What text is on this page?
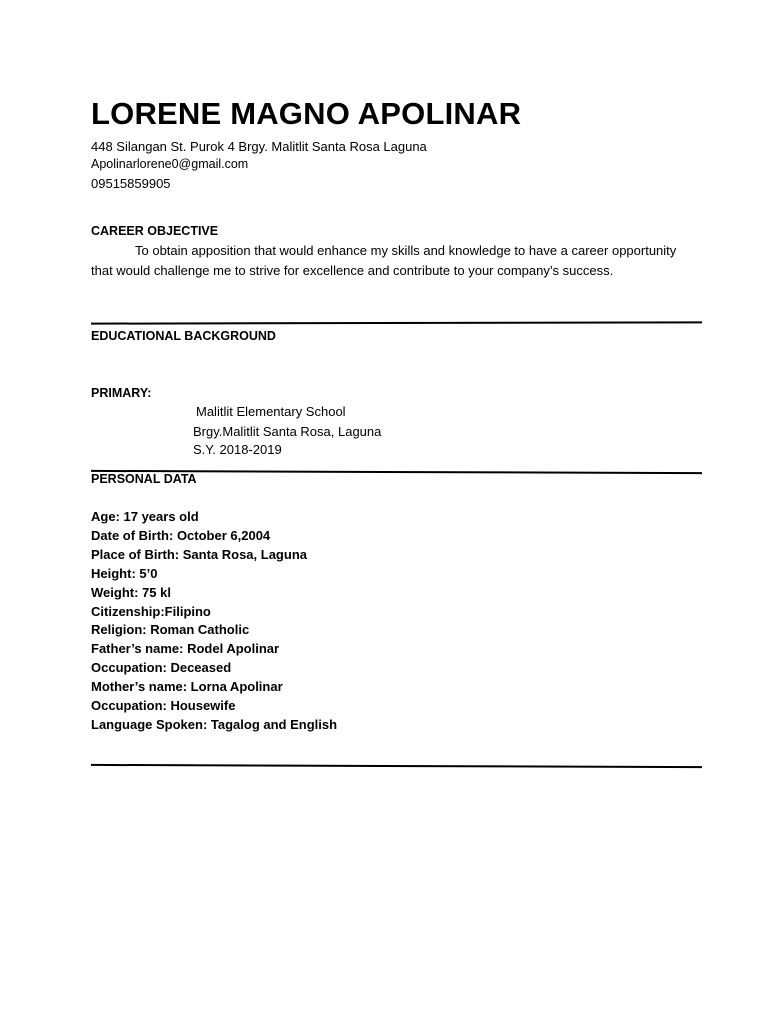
LORENE MAGNO APOLINAR
448 Silangan St. Purok 4 Brgy. Malitlit Santa Rosa Laguna
Apolinarlorene0@gmail.com
09515859905
CAREER OBJECTIVE
To obtain apposition that would enhance my skills and knowledge to have a career opportunity that would challenge me to strive for excellence and contribute to your company’s success.
EDUCATIONAL BACKGROUND
PRIMARY:
Malitlit Elementary School
Brgy.Malitlit Santa Rosa, Laguna
S.Y. 2018-2019
PERSONAL DATA
Age: 17 years old
Date of Birth: October 6,2004
Place of Birth: Santa Rosa, Laguna
Height: 5’0
Weight: 75 kl
Citizenship:Filipino
Religion: Roman Catholic
Father’s name: Rodel Apolinar
Occupation: Deceased
Mother’s name: Lorna Apolinar
Occupation: Housewife
Language Spoken: Tagalog and English
